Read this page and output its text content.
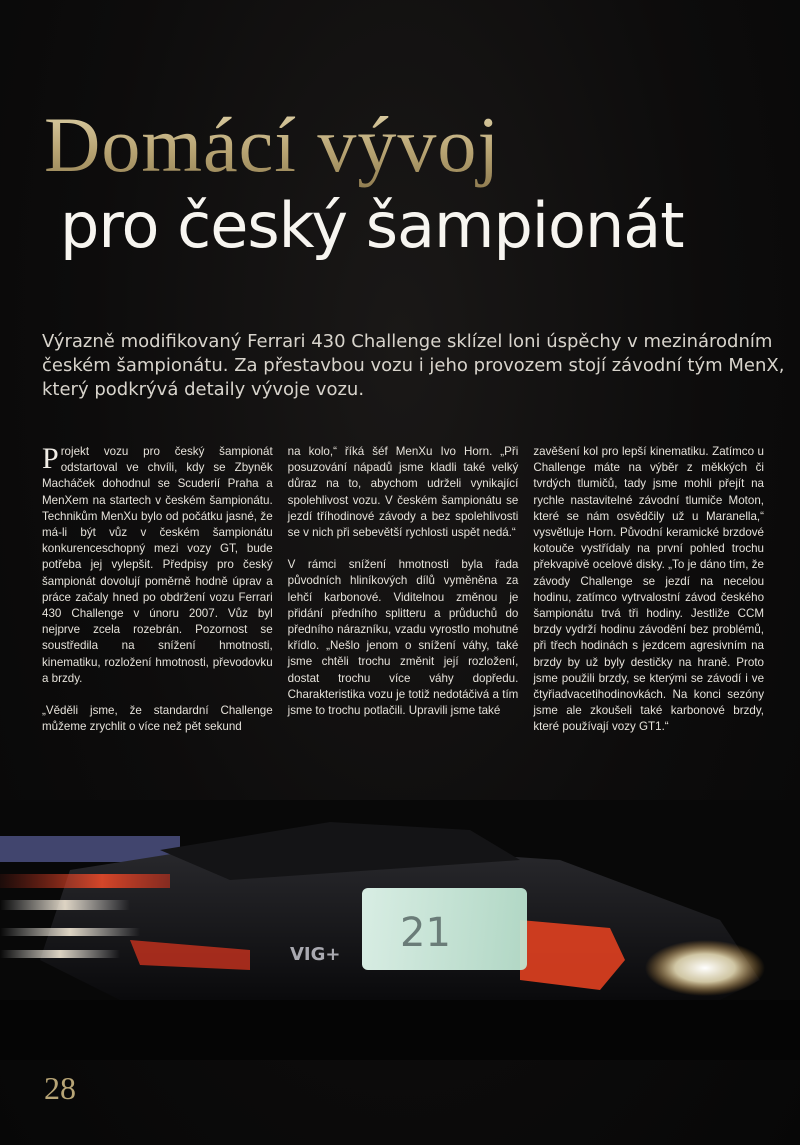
Domácí vývoj
pro český šampionát

Výrazně modifikovaný Ferrari 430 Challenge sklízel loni úspěchy v mezinárodním

českém šampionátu. Za přestavbou vozu i jeho provozem stojí závodní tým MenX,

který podkrývá detaily vývoje vozu.

Projekt vozu pro český šampionát odstartoval ve chvíli, kdy se Zbyněk Macháček dohodnul se Scuderií Praha a MenXem na startech v českém šampionátu. Technikům MenXu bylo od počátku jasné, že má-li být vůz v českém šampionátu konkurenceschopný mezi vozy GT, bude potřeba jej vylepšit. Předpisy pro český šampionát dovolují poměrně hodně úprav a práce začaly hned po obdržení vozu Ferrari 430 Challenge v únoru 2007. Vůz byl nejprve zcela rozebrán. Pozornost se soustředila na snížení hmotnosti, kinematiku, rozložení hmotnosti, převodovku a brzdy.

„Věděli jsme, že standardní Challenge můžeme zrychlit o více než pět sekund

na kolo,“ říká šéf MenXu Ivo Horn. „Při posuzování nápadů jsme kladli také velký důraz na to, abychom udrželi vynikající spolehlivost vozu. V českém šampionátu se jezdí tříhodinové závody a bez spolehlivosti se v nich při sebevětší rychlosti uspět nedá.“

V rámci snížení hmotnosti byla řada původních hliníkových dílů vyměněna za lehčí karbonové. Viditelnou změnou je přidání předního splitteru a průduchů do předního nárazníku, vzadu vyrostlo mohutné křídlo. „Nešlo jenom o snížení váhy, také jsme chtěli trochu změnit její rozložení, dostat trochu více váhy dopředu. Charakteristika vozu je totiž nedotáčivá a tím jsme to trochu potlačili. Upravili jsme také

zavěšení kol pro lepší kinematiku. Zatímco u Challenge máte na výběr z měkkých či tvrdých tlumičů, tady jsme mohli přejít na rychle nastavitelné závodní tlumiče Moton, které se nám osvědčily už u Maranella,“ vysvětluje Horn. Původní keramické brzdové kotouče vystřídaly na první pohled trochu překvapivě ocelové disky. „To je dáno tím, že závody Challenge se jezdí na necelou hodinu, zatímco vytrvalostní závod českého šampionátu trvá tři hodiny. Jestliže CCM brzdy vydrží hodinu závodění bez problémů, při třech hodinách s jezdcem agresivním na brzdy by už byly destičky na hraně. Proto jsme použili brzdy, se kterými se závodí i ve čtyřiadvacetihodinovkách. Na konci sezóny jsme ale zkoušeli také karbonové brzdy, které používají vozy GT1.“

21
VIG+
28
